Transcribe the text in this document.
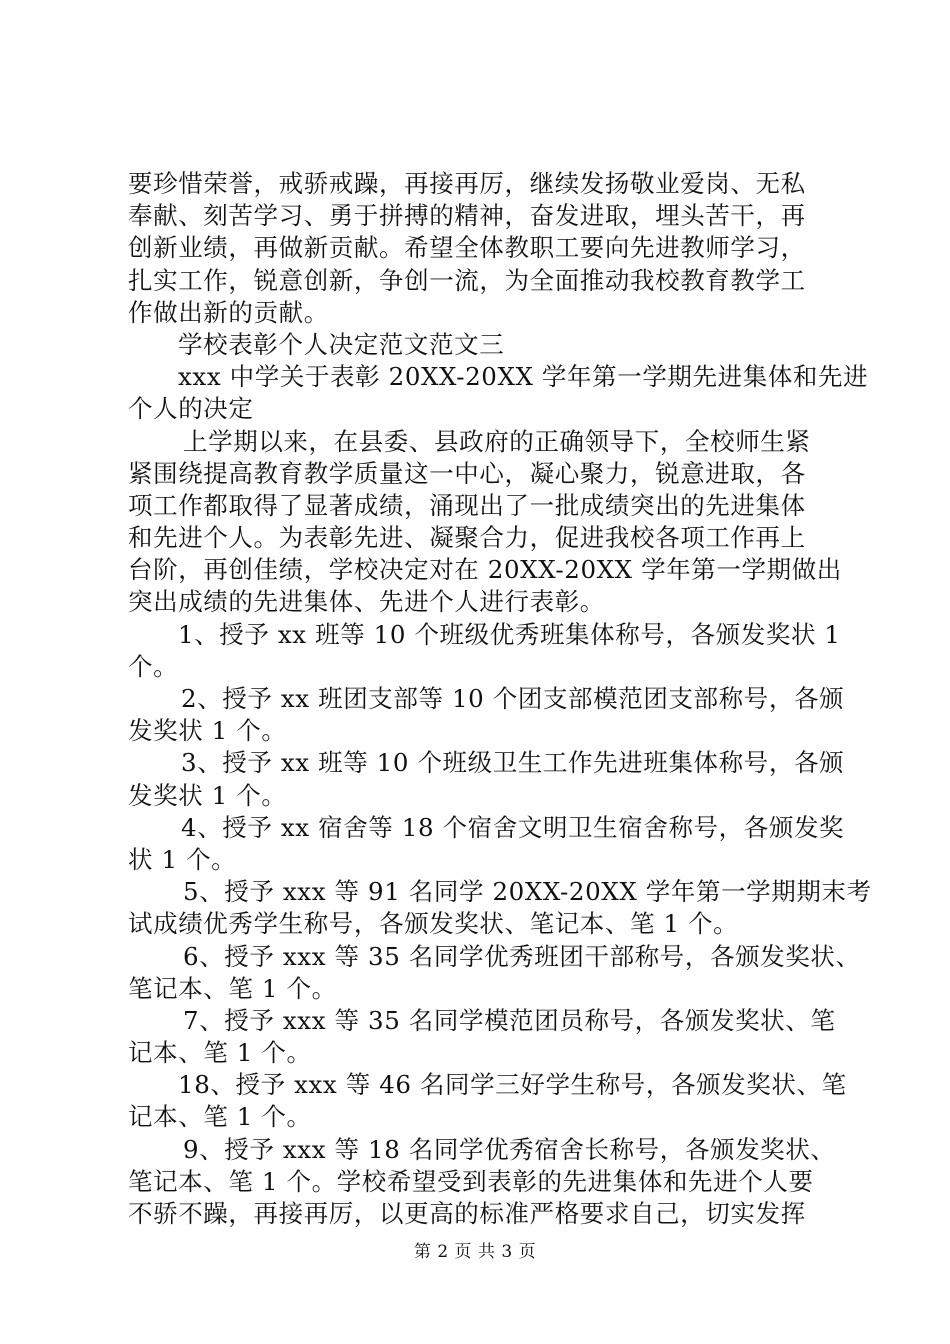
要珍惜荣誉，戒骄戒躁，再接再厉，继续发扬敬业爱岗、无私
奉献、刻苦学习、勇于拼搏的精神，奋发进取，埋头苦干，再
创新业绩，再做新贡献。希望全体教职工要向先进教师学习，
扎实工作，锐意创新，争创一流，为全面推动我校教育教学工
作做出新的贡献。
学校表彰个人决定范文范文三
xxx 中学关于表彰 20XX-20XX 学年第一学期先进集体和先进
个人的决定
上学期以来，在县委、县政府的正确领导下，全校师生紧
紧围绕提高教育教学质量这一中心，凝心聚力，锐意进取，各
项工作都取得了显著成绩，涌现出了一批成绩突出的先进集体
和先进个人。为表彰先进、凝聚合力，促进我校各项工作再上
台阶，再创佳绩，学校决定对在 20XX-20XX 学年第一学期做出
突出成绩的先进集体、先进个人进行表彰。
1、授予 xx 班等 10 个班级优秀班集体称号，各颁发奖状 1
个。
2、授予 xx 班团支部等 10 个团支部模范团支部称号，各颁
发奖状 1 个。
3、授予 xx 班等 10 个班级卫生工作先进班集体称号，各颁
发奖状 1 个。
4、授予 xx 宿舍等 18 个宿舍文明卫生宿舍称号，各颁发奖
状 1 个。
5、授予 xxx 等 91 名同学 20XX-20XX 学年第一学期期末考
试成绩优秀学生称号，各颁发奖状、笔记本、笔 1 个。
6、授予 xxx 等 35 名同学优秀班团干部称号，各颁发奖状、
笔记本、笔 1 个。
7、授予 xxx 等 35 名同学模范团员称号，各颁发奖状、笔
记本、笔 1 个。
18、授予 xxx 等 46 名同学三好学生称号，各颁发奖状、笔
记本、笔 1 个。
9、授予 xxx 等 18 名同学优秀宿舍长称号，各颁发奖状、
笔记本、笔 1 个。学校希望受到表彰的先进集体和先进个人要
不骄不躁，再接再厉，以更高的标准严格要求自己，切实发挥
第 2 页 共 3 页
